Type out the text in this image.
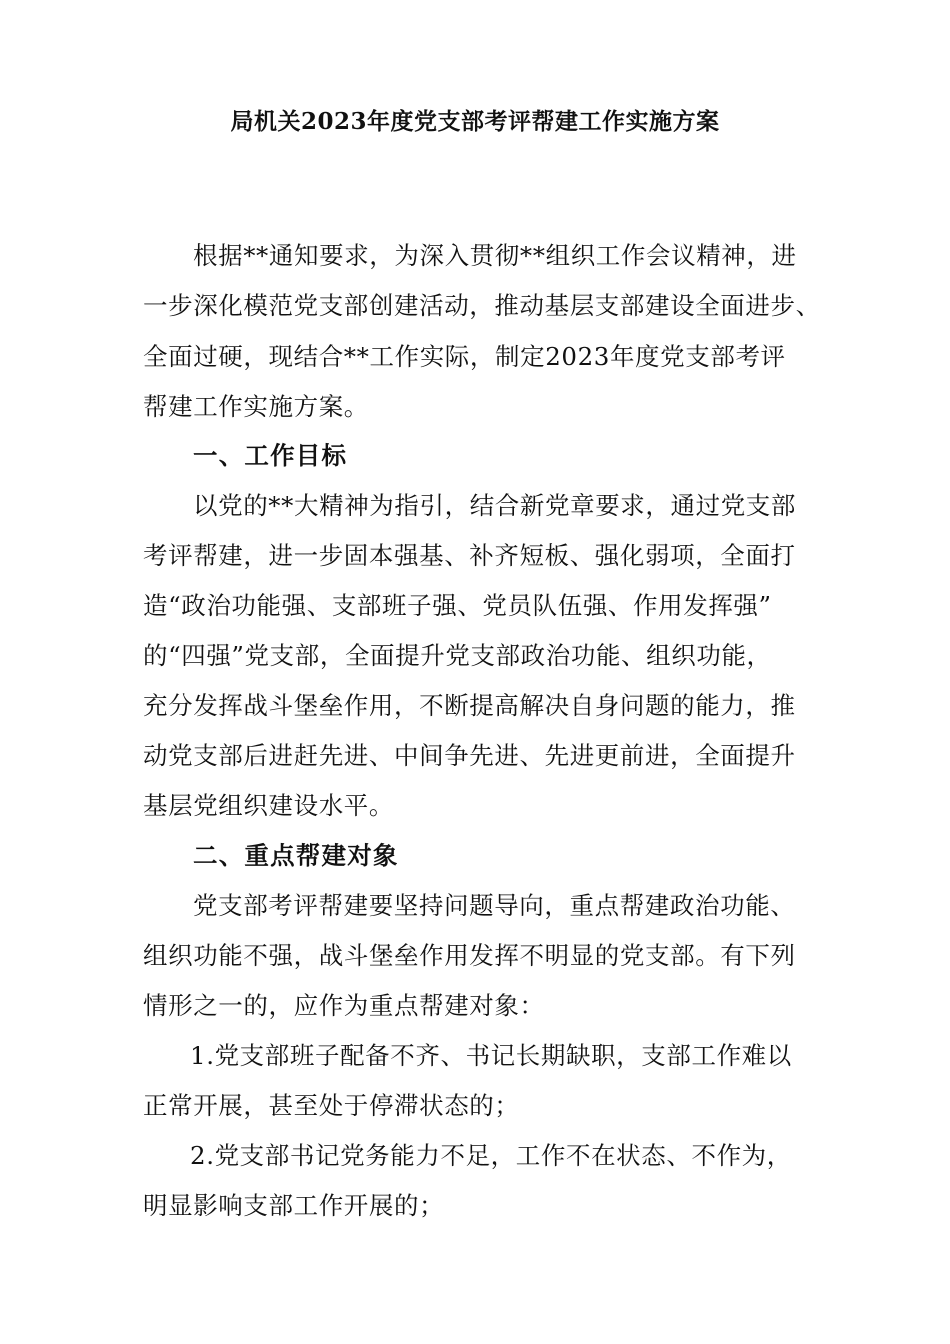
局机关2023年度党支部考评帮建工作实施方案
根据**通知要求，为深入贯彻**组织工作会议精神，进
一步深化模范党支部创建活动，推动基层支部建设全面进步、
全面过硬，现结合**工作实际，制定2023年度党支部考评
帮建工作实施方案。
一、工作目标
以党的**大精神为指引，结合新党章要求，通过党支部
考评帮建，进一步固本强基、补齐短板、强化弱项，全面打
造“政治功能强、支部班子强、党员队伍强、作用发挥强”
的“四强”党支部，全面提升党支部政治功能、组织功能，
充分发挥战斗堡垒作用，不断提高解决自身问题的能力，推
动党支部后进赶先进、中间争先进、先进更前进，全面提升
基层党组织建设水平。
二、重点帮建对象
党支部考评帮建要坚持问题导向，重点帮建政治功能、
组织功能不强，战斗堡垒作用发挥不明显的党支部。有下列
情形之一的，应作为重点帮建对象：
1.党支部班子配备不齐、书记长期缺职，支部工作难以
正常开展，甚至处于停滞状态的；
2.党支部书记党务能力不足，工作不在状态、不作为，
明显影响支部工作开展的；
